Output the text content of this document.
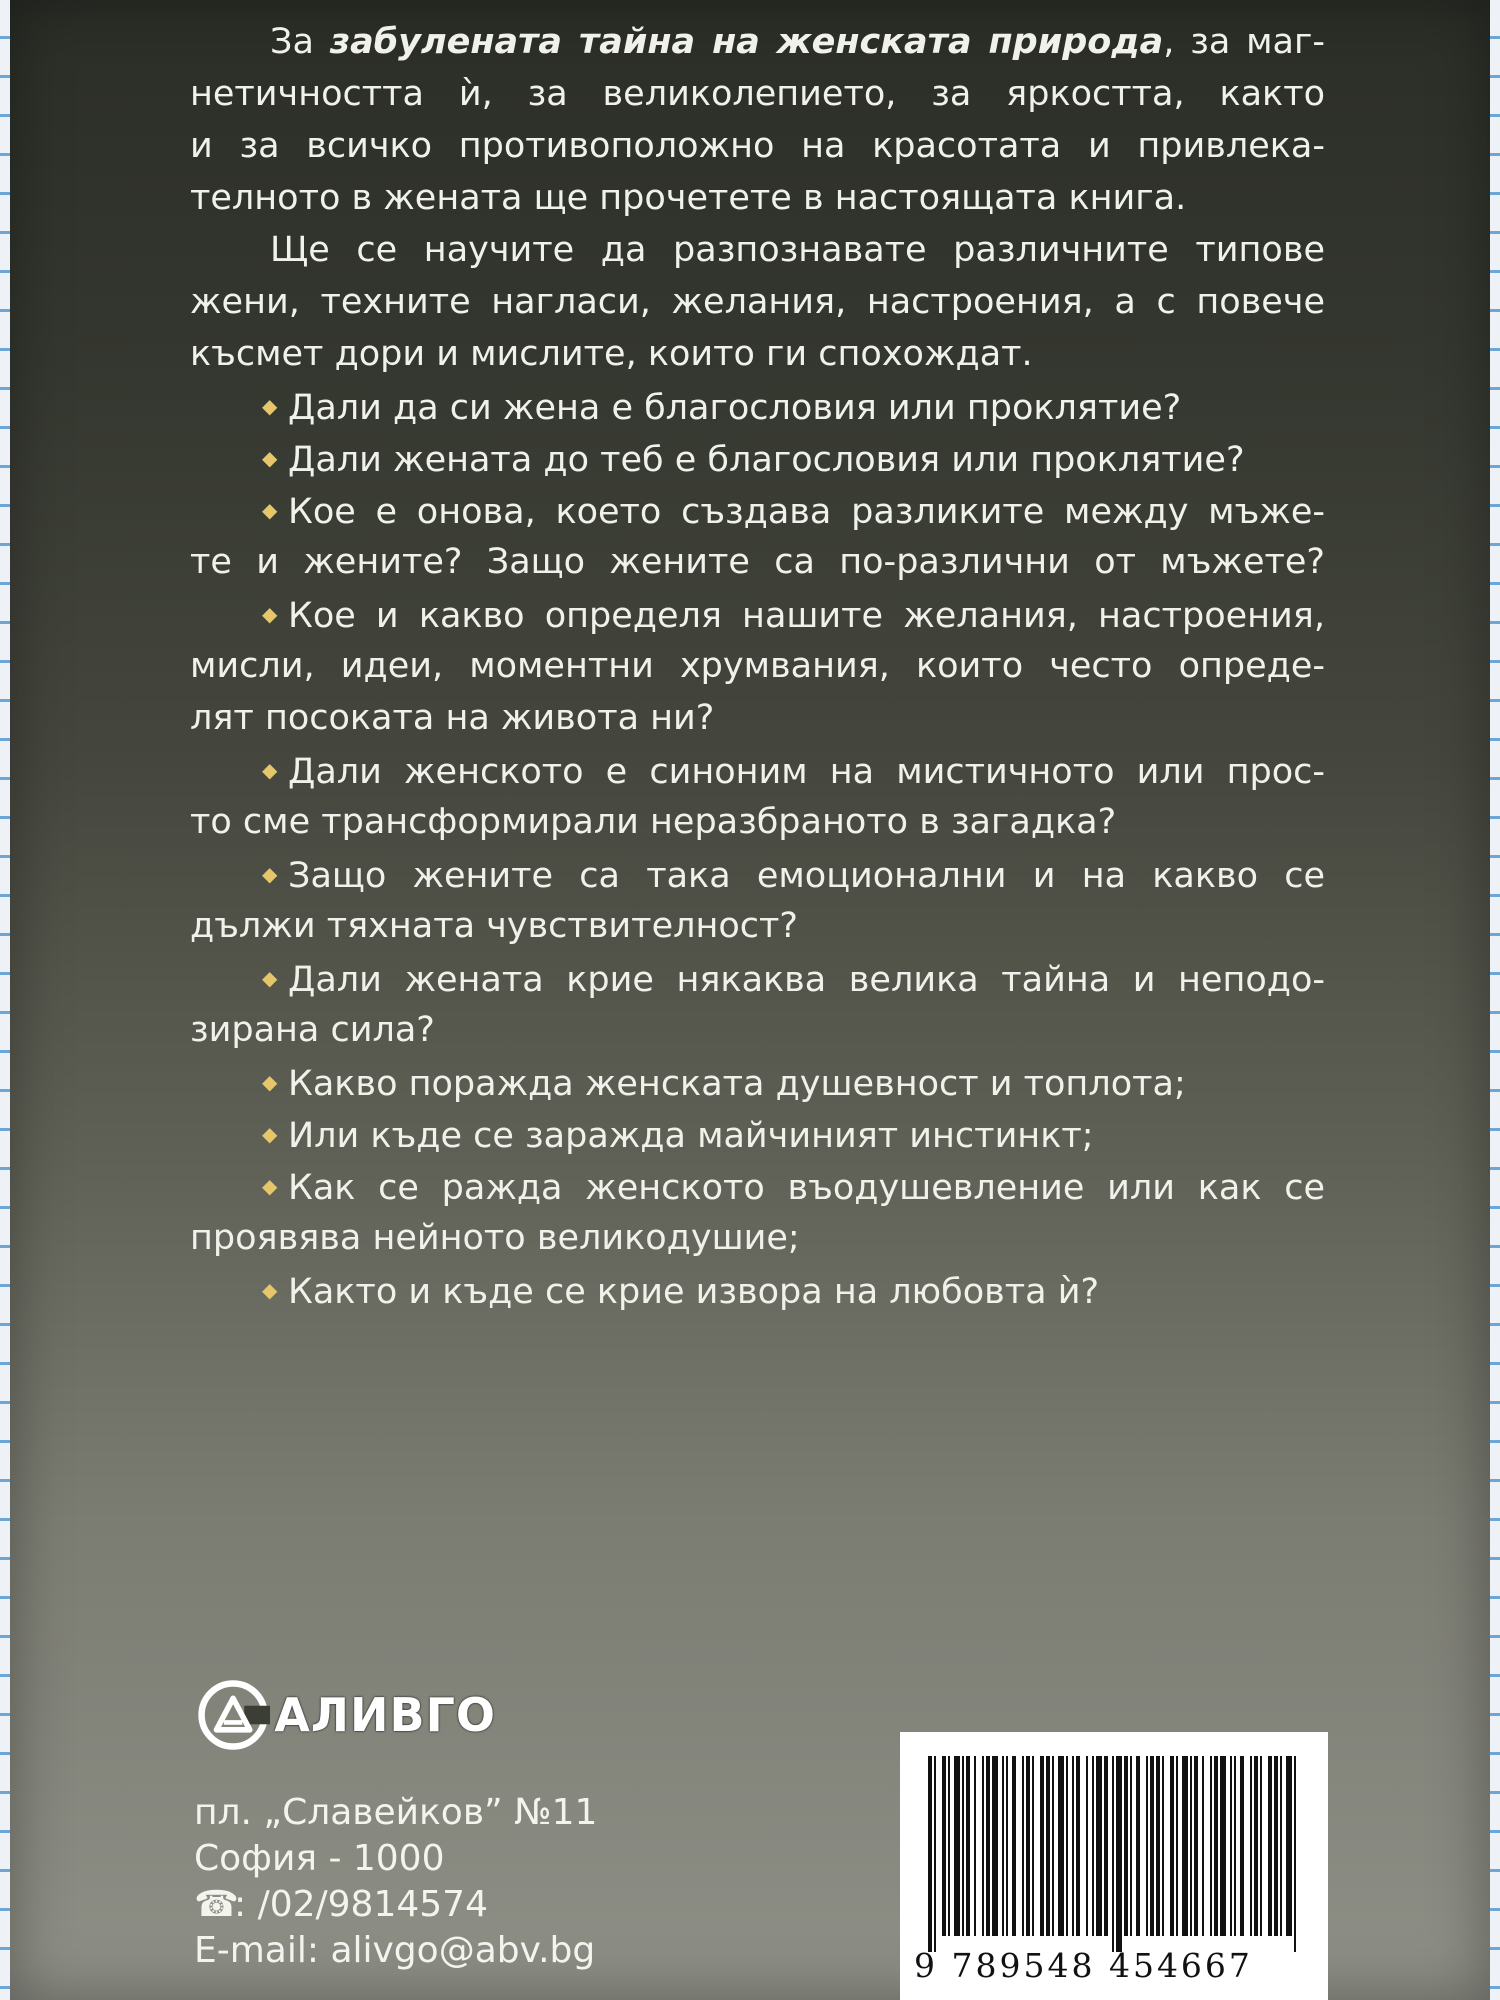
За забулената тайна на женската природа, за маг-
нетичността ѝ, за великолепието, за яркостта, както
и за всичко противоположно на красотата и привлека-
телното в жената ще прочетете в настоящата книга.
Ще се научите да разпознавате различните типове
жени, техните нагласи, желания, настроения, а с повече
късмет дори и мислите, които ги спохождат.
◆ Дали да си жена е благословия или проклятие?
◆ Дали жената до теб е благословия или проклятие?
◆ Кое е онова, което създава разликите между мъже-
те и жените? Защо жените са по-различни от мъжете?
◆ Кое и какво определя нашите желания, настроения,
мисли, идеи, моментни хрумвания, които често опреде-
лят посоката на живота ни?
◆ Дали женското е синоним на мистичното или прос-
то сме трансформирали неразбраното в загадка?
◆ Защо жените са така емоционални и на какво се
дължи тяхната чувствителност?
◆ Дали жената крие някаква велика тайна и неподо-
зирана сила?
◆ Какво поражда женската душевност и топлота;
◆ Или къде се заражда майчиният инстинкт;
◆ Как се ражда женското въодушевление или как се
проявява нейното великодушие;
◆ Както и къде се крие извора на любовта ѝ?
АЛИВГО
пл. „Славейков” №11
София - 1000
☎: /02/9814574
E-mail: alivgo@abv.bg	9 789548 454667
